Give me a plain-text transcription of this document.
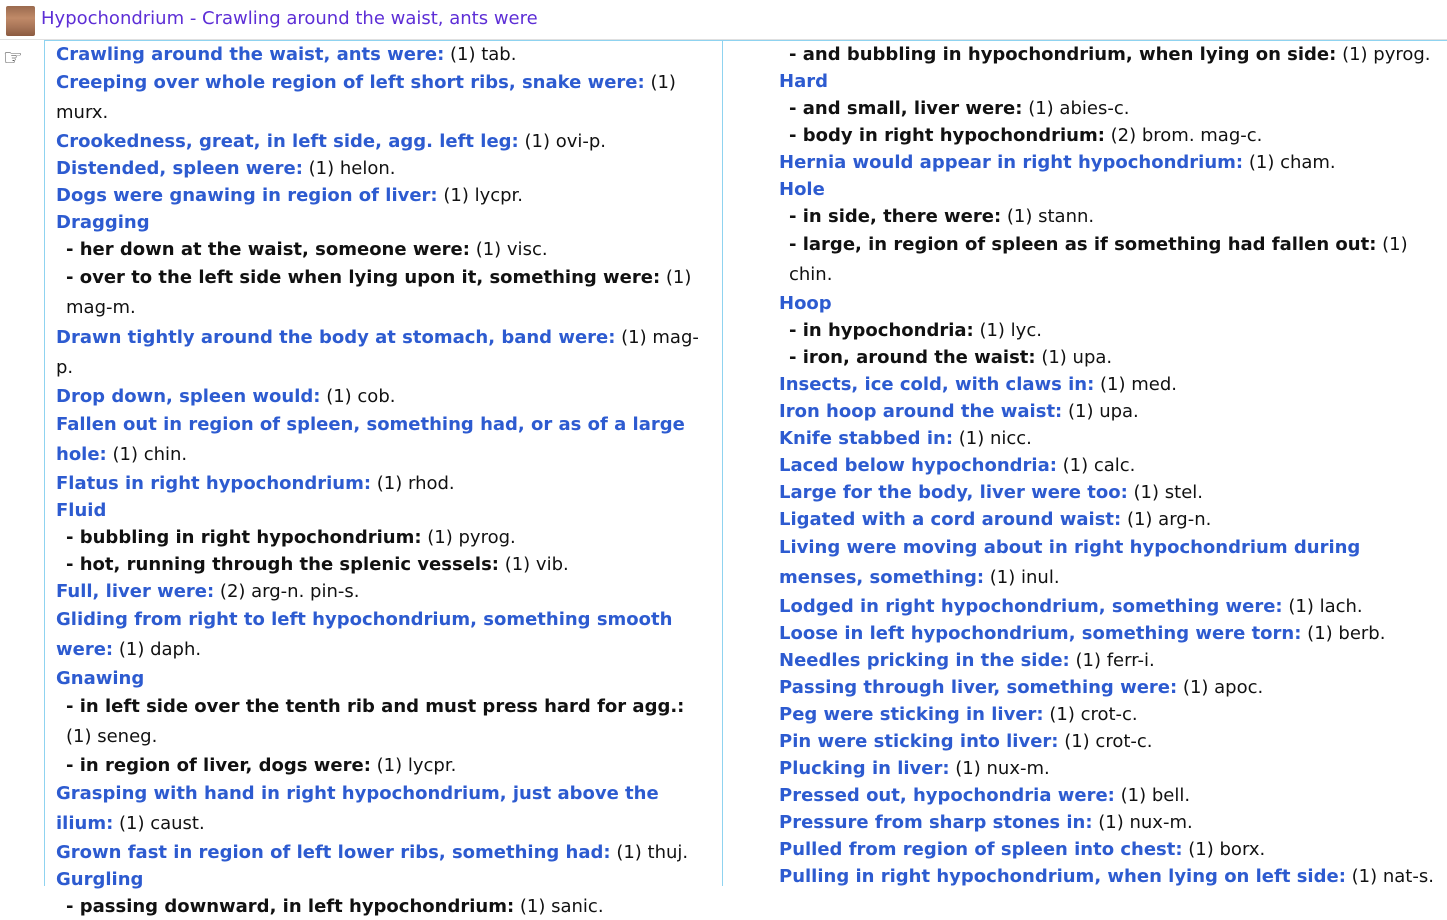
Hypochondrium - Crawling around the waist, ants were
☞	Crawling around the waist, ants were: (1) tab.
Creeping over whole region of left short ribs, snake were: (1) murx.
Crookedness, great, in left side, agg. left leg: (1) ovi-p.
Distended, spleen were: (1) helon.
Dogs were gnawing in region of liver: (1) lycpr.
Dragging
- her down at the waist, someone were: (1) visc.
- over to the left side when lying upon it, something were: (1) mag-m.
Drawn tightly around the body at stomach, band were: (1) mag-p.
Drop down, spleen would: (1) cob.
Fallen out in region of spleen, something had, or as of a large hole: (1) chin.
Flatus in right hypochondrium: (1) rhod.
Fluid
- bubbling in right hypochondrium: (1) pyrog.
- hot, running through the splenic vessels: (1) vib.
Full, liver were: (2) arg-n. pin-s.
Gliding from right to left hypochondrium, something smooth were: (1) daph.
Gnawing
- in left side over the tenth rib and must press hard for agg.: (1) seneg.
- in region of liver, dogs were: (1) lycpr.
Grasping with hand in right hypochondrium, just above the ilium: (1) caust.
Grown fast in region of left lower ribs, something had: (1) thuj.
Gurgling
- passing downward, in left hypochondrium: (1) sanic.
- and bubbling in hypochondrium, when lying on side: (1) pyrog.
Hard
- and small, liver were: (1) abies-c.
- body in right hypochondrium: (2) brom. mag-c.
Hernia would appear in right hypochondrium: (1) cham.
Hole
- in side, there were: (1) stann.
- large, in region of spleen as if something had fallen out: (1) chin.
Hoop
- in hypochondria: (1) lyc.
- iron, around the waist: (1) upa.
Insects, ice cold, with claws in: (1) med.
Iron hoop around the waist: (1) upa.
Knife stabbed in: (1) nicc.
Laced below hypochondria: (1) calc.
Large for the body, liver were too: (1) stel.
Ligated with a cord around waist: (1) arg-n.
Living were moving about in right hypochondrium during menses, something: (1) inul.
Lodged in right hypochondrium, something were: (1) lach.
Loose in left hypochondrium, something were torn: (1) berb.
Needles pricking in the side: (1) ferr-i.
Passing through liver, something were: (1) apoc.
Peg were sticking in liver: (1) crot-c.
Pin were sticking into liver: (1) crot-c.
Plucking in liver: (1) nux-m.
Pressed out, hypochondria were: (1) bell.
Pressure from sharp stones in: (1) nux-m.
Pulled from region of spleen into chest: (1) borx.
Pulling in right hypochondrium, when lying on left side: (1) nat-s.
